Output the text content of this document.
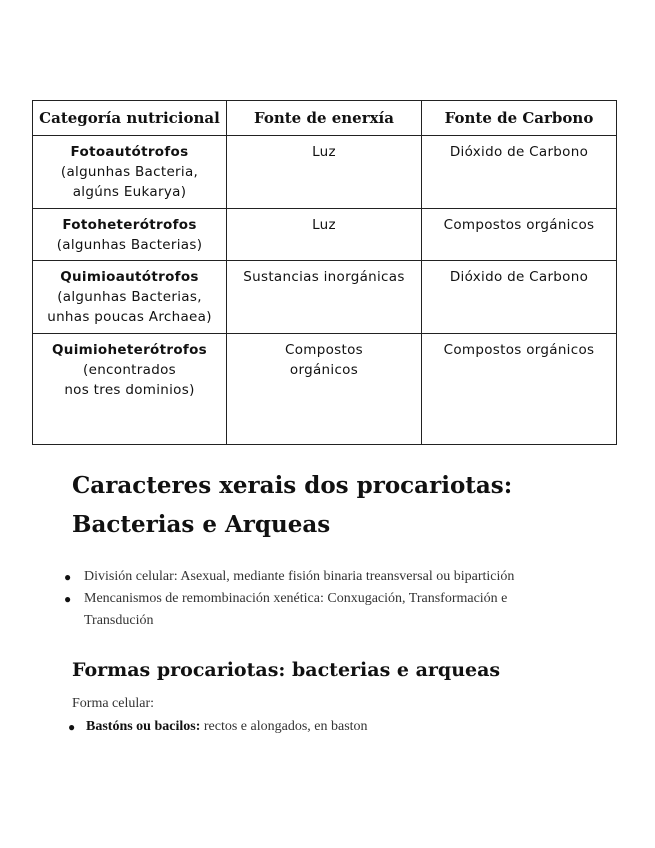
Categoría nutricional	Fonte de enerxía	Fonte de Carbono

Fotoautótrofos
(algunhas Bacteria,
algúns Eukarya)	Luz	Dióxido de Carbono

Fotoheterótrofos
(algunhas Bacterias)	Luz	Compostos orgánicos

Quimioautótrofos
(algunhas Bacterias,
unhas poucas Archaea)	Sustancias inorgánicas	Dióxido de Carbono

Quimioheterótrofos
(encontrados
nos tres dominios)	Compostos
orgánicos	Compostos orgánicos
Caracteres xerais dos procariotas: Bacterias e Arqueas
● División celular: Asexual, mediante fisión binaria treansversal ou bipartición
● Mencanismos de remombinación xenética: Conxugación, Transformación e Transdución
Formas procariotas: bacterias e arqueas
Forma celular:
● Bastóns ou bacilos: rectos e alongados, en baston
